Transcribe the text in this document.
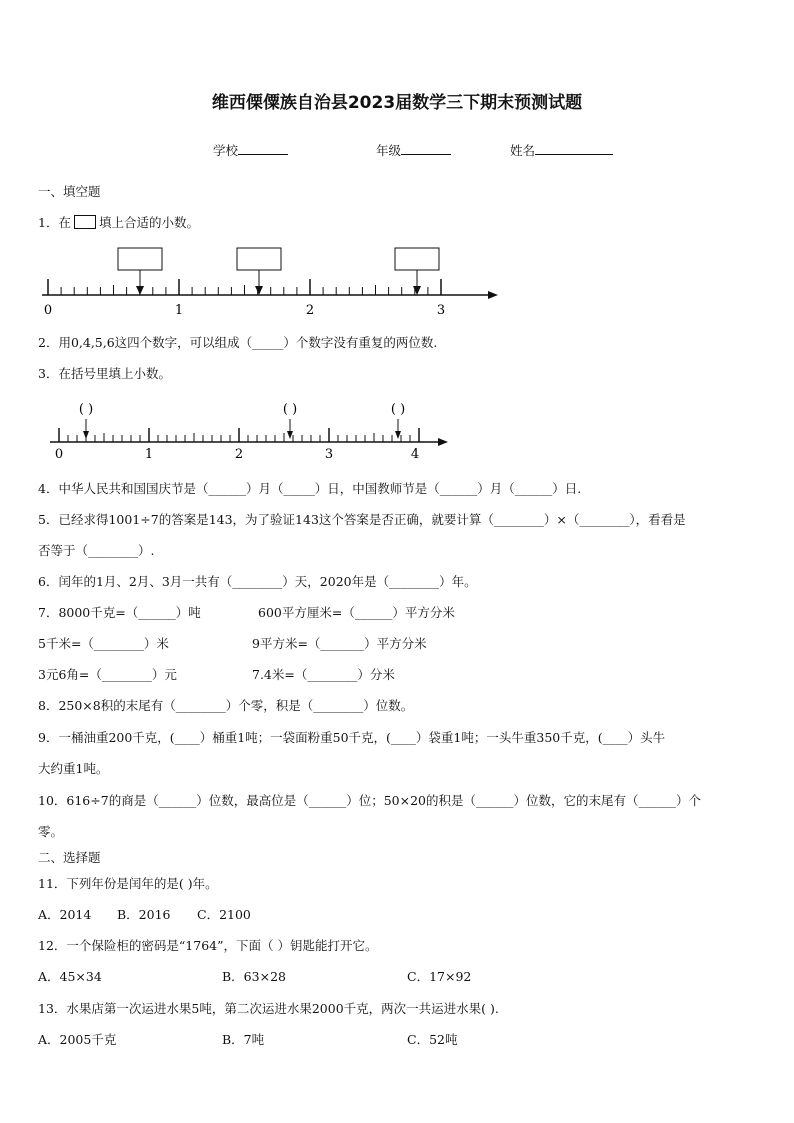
维西傈僳族自治县2023届数学三下期末预测试题
学校	年级	姓名
一、填空题
1．在 填上合适的小数。
0	1	2	3
2．用0,4,5,6这四个数字，可以组成（_____）个数字没有重复的两位数.
3．在括号里填上小数。
( )	( )	( )
0	1	2	3	4
4．中华人民共和国国庆节是（______）月（_____）日，中国教师节是（______）月（______）日.
5．已经求得1001÷7的答案是143，为了验证143这个答案是否正确，就要计算（________）×（________），看看是
否等于（________）.
6．闰年的1月、2月、3月一共有（________）天，2020年是（________）年。
7．8000千克=（______）吨	600平方厘米=（______）平方分米
5千米=（________）米	9平方米=（_______）平方分米
3元6角=（________）元	7.4米=（________）分米
8．250×8积的末尾有（________）个零，积是（________）位数。
9．一桶油重200千克，(____）桶重1吨；一袋面粉重50千克，(____）袋重1吨；一头牛重350千克，(____）头牛
大约重1吨。
10．616÷7的商是（______）位数，最高位是（______）位；50×20的积是（______）位数，它的末尾有（______）个
零。
二、选择题
11．下列年份是闰年的是( )年。
A．2014 B．2016 C．2100
12．一个保险柜的密码是“1764”，下面（ ）钥匙能打开它。
A．45×34	B．63×28	C．17×92
13．水果店第一次运进水果5吨，第二次运进水果2000千克，两次一共运进水果( ).
A．2005千克	B．7吨	C．52吨
